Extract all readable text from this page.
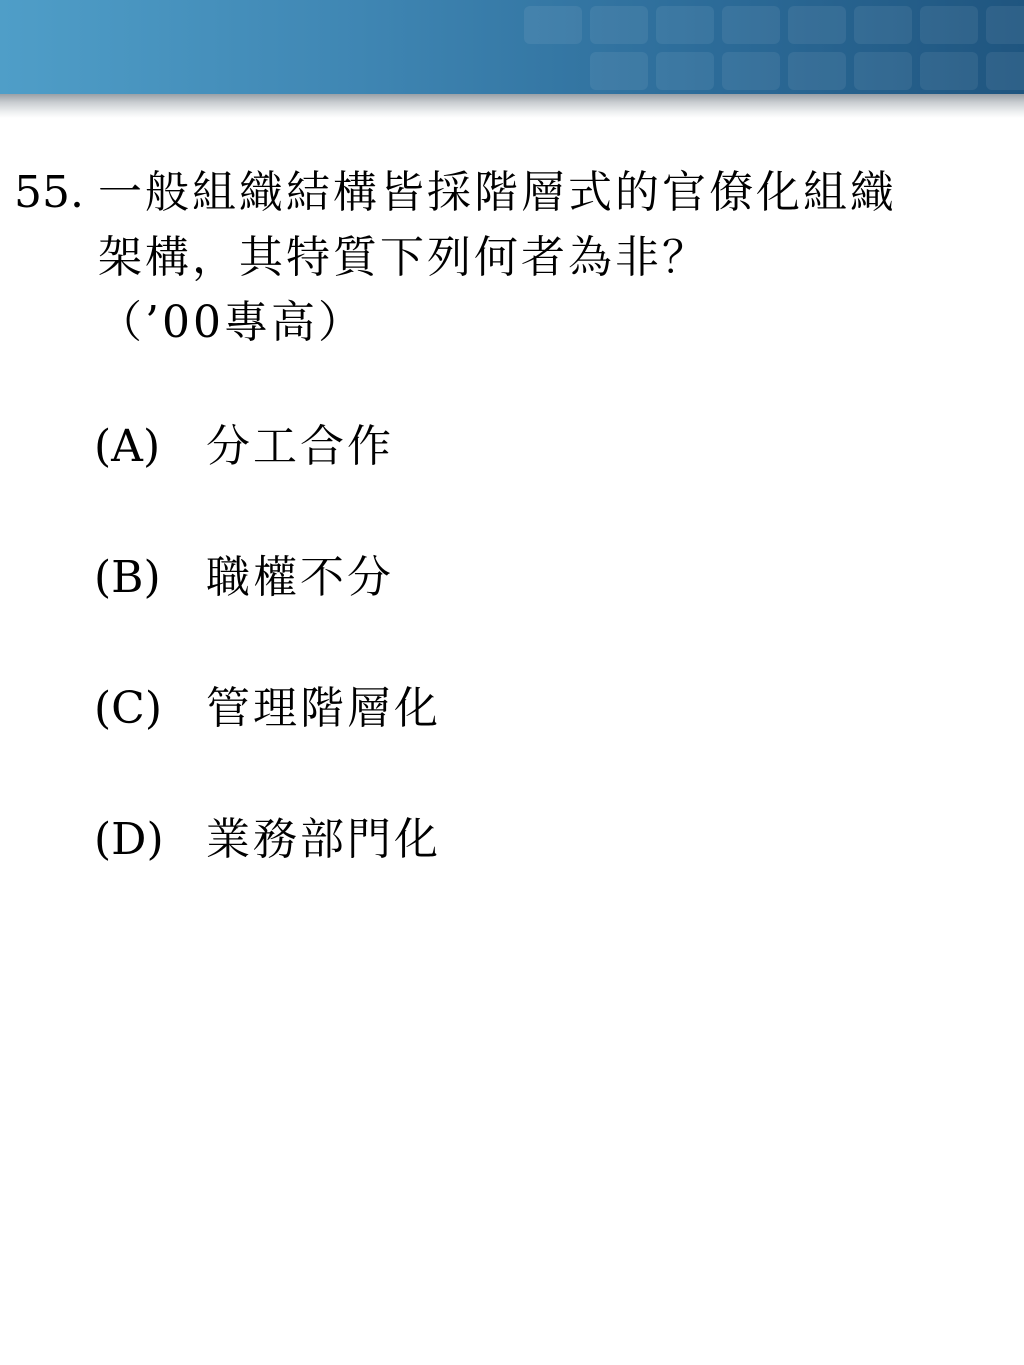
55. 一般組織結構皆採階層式的官僚化組織
架構，其特質下列何者為非？
（’00專高）
(A) 分工合作
(B) 職權不分
(C) 管理階層化
(D) 業務部門化
